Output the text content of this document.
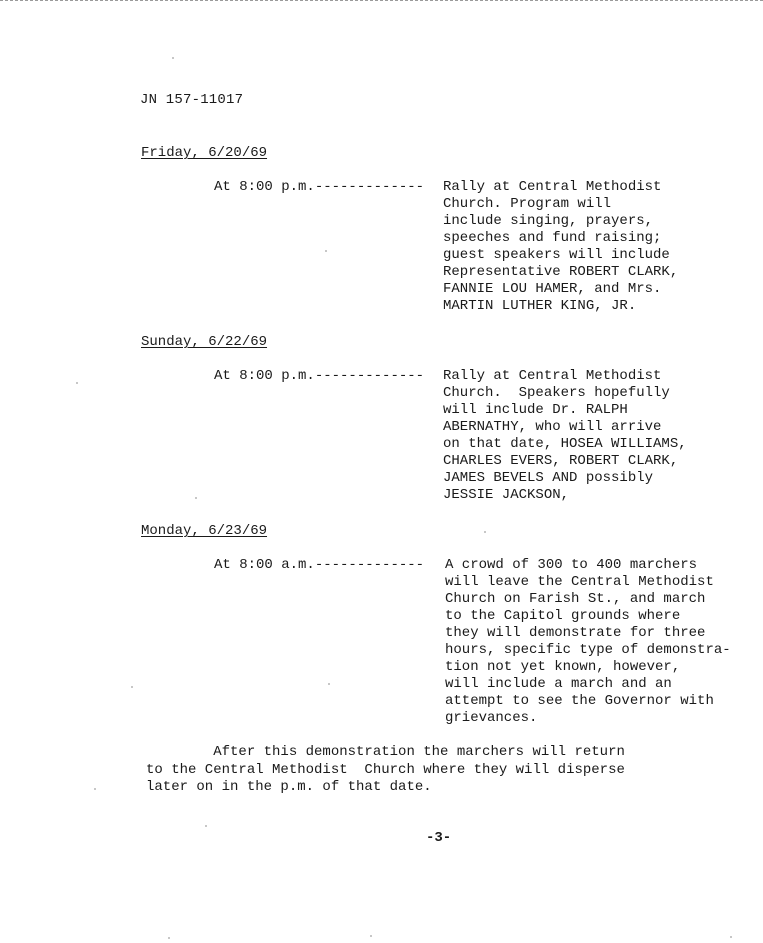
JN 157-11017
Friday, 6/20/69
At 8:00 p.m.------------- Rally at Central Methodist
Church. Program will
include singing, prayers,
speeches and fund raising;
guest speakers will include
Representative ROBERT CLARK,
FANNIE LOU HAMER, and Mrs.
MARTIN LUTHER KING, JR.
Sunday, 6/22/69
At 8:00 p.m.------------- Rally at Central Methodist
Church.  Speakers hopefully
will include Dr. RALPH
ABERNATHY, who will arrive
on that date, HOSEA WILLIAMS,
CHARLES EVERS, ROBERT CLARK,
JAMES BEVELS AND possibly
JESSIE JACKSON,
Monday, 6/23/69
At 8:00 a.m.------------- A crowd of 300 to 400 marchers
will leave the Central Methodist
Church on Farish St., and march
to the Capitol grounds where
they will demonstrate for three
hours, specific type of demonstra-
tion not yet known, however,
will include a march and an
attempt to see the Governor with
grievances.
After this demonstration the marchers will return
to the Central Methodist  Church where they will disperse
later on in the p.m. of that date.
-3-
